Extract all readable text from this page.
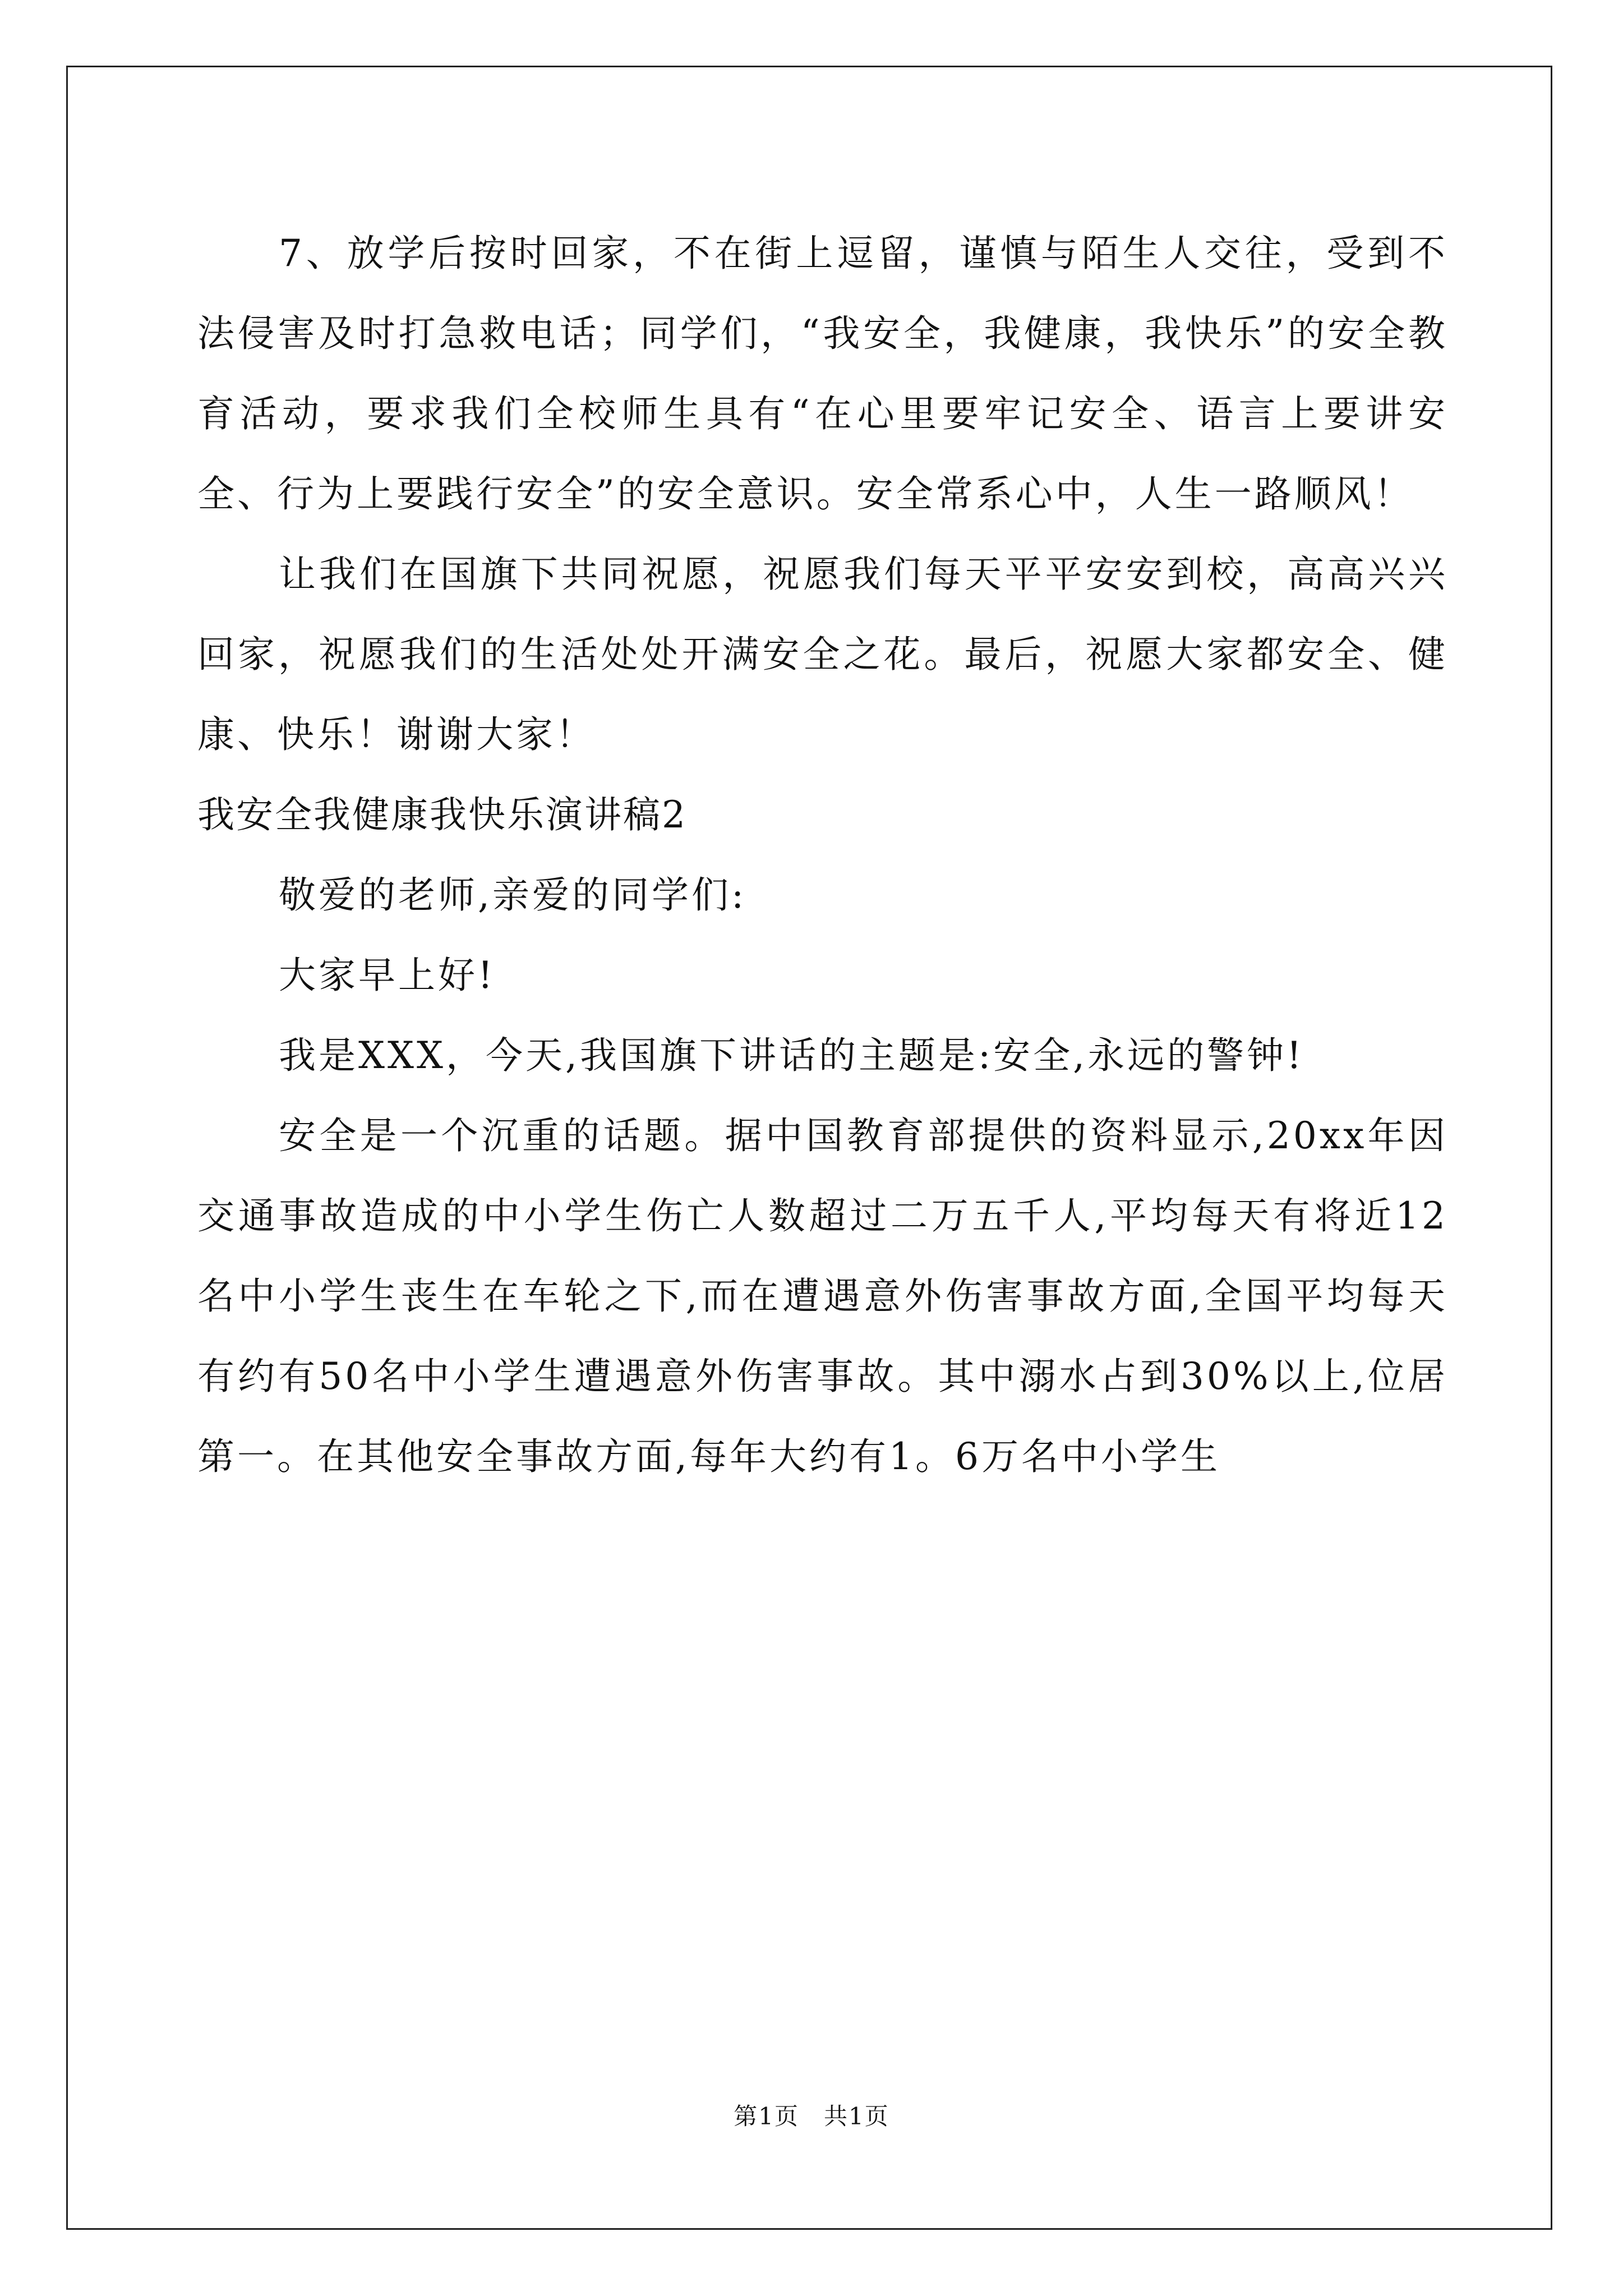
7、放学后按时回家，不在街上逗留，谨慎与陌生人交往，受到不法侵害及时打急救电话；同学们，“我安全，我健康，我快乐”的安全教育活动，要求我们全校师生具有“在心里要牢记安全、语言上要讲安全、行为上要践行安全”的安全意识。安全常系心中，人生一路顺风！

让我们在国旗下共同祝愿，祝愿我们每天平平安安到校，高高兴兴回家，祝愿我们的生活处处开满安全之花。最后，祝愿大家都安全、健康、快乐！谢谢大家！

我安全我健康我快乐演讲稿2

敬爱的老师,亲爱的同学们:

大家早上好!

我是XXX，今天,我国旗下讲话的主题是:安全,永远的警钟!

安全是一个沉重的话题。据中国教育部提供的资料显示,20xx年因交通事故造成的中小学生伤亡人数超过二万五千人,平均每天有将近12名中小学生丧生在车轮之下,而在遭遇意外伤害事故方面,全国平均每天有约有50名中小学生遭遇意外伤害事故。其中溺水占到30%以上,位居第一。在其他安全事故方面,每年大约有1。6万名中小学生

第1页　共1页
